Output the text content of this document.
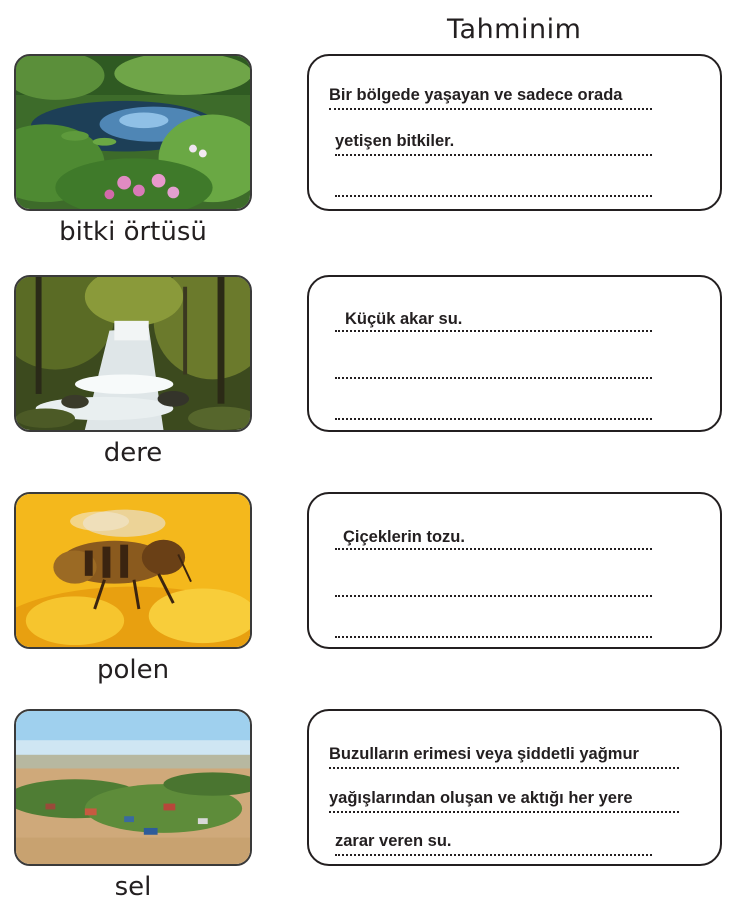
Tahminim
bitki örtüsü
Bir bölgede yaşayan ve sadece orada
yetişen bitkiler.
dere
Küçük akar su.
polen
Çiçeklerin tozu.
sel
Buzulların erimesi veya şiddetli yağmur
yağışlarından oluşan ve aktığı her yere
zarar veren su.
